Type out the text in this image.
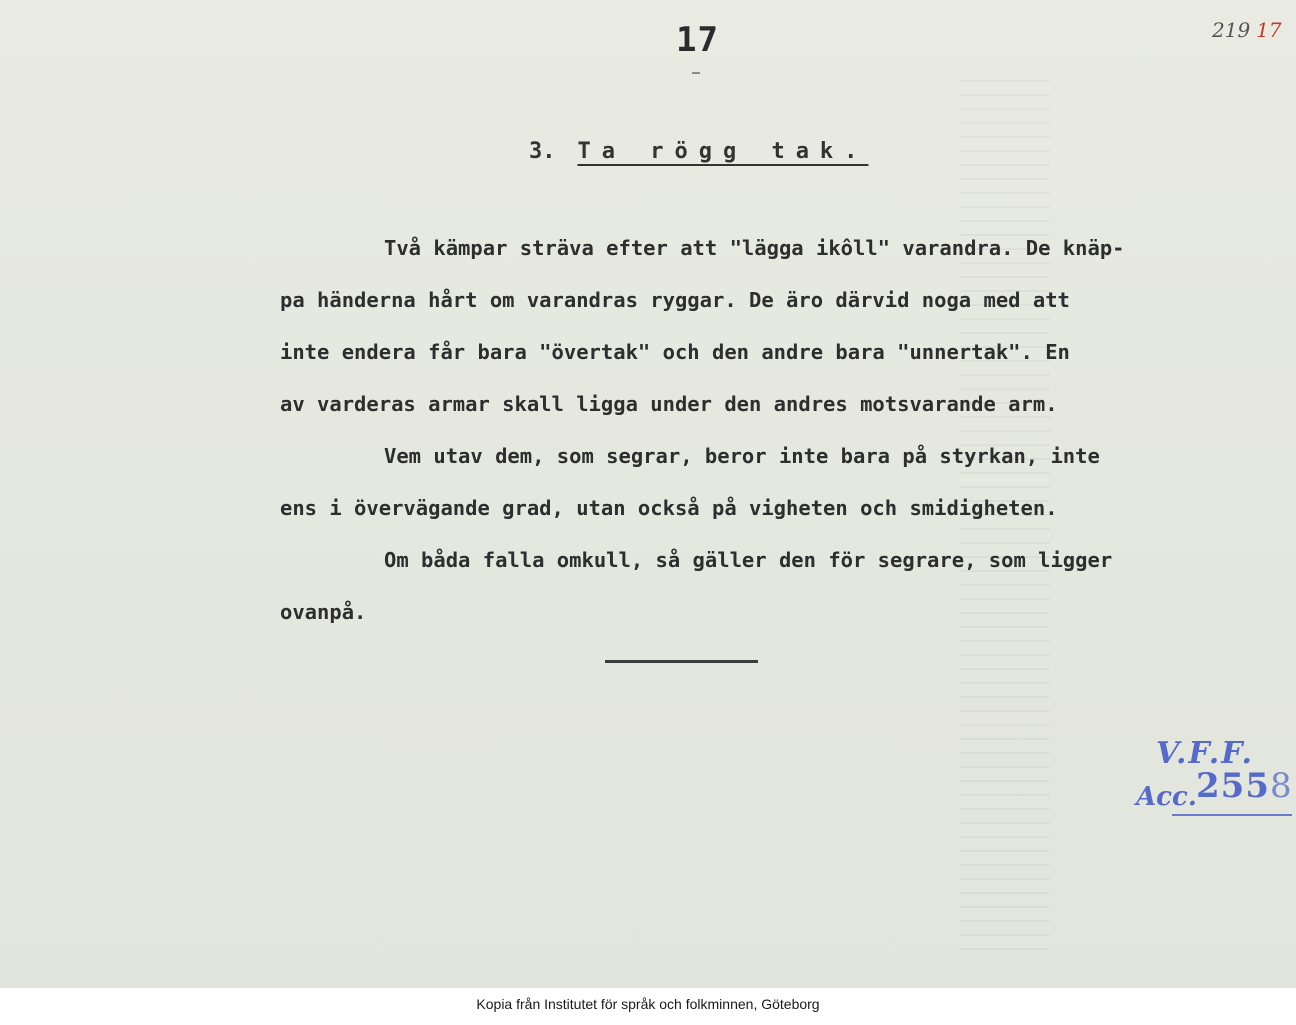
17	219 17

3. Ta rögg tak.

Två kämpar sträva efter att "lägga ikôll" varandra. De knäp-
pa händerna hårt om varandras ryggar. De äro därvid noga med att
inte endera får bara "övertak" och den andre bara "unnertak". En
av varderas armar skall ligga under den andres motsvarande arm.
Vem utav dem, som segrar, beror inte bara på styrkan, inte
ens i övervägande grad, utan också på vigheten och smidigheten.
Om båda falla omkull, så gäller den för segrare, som ligger
ovanpå.
V.F.F.
Acc. 2558
Kopia från Institutet för språk och folkminnen, Göteborg
